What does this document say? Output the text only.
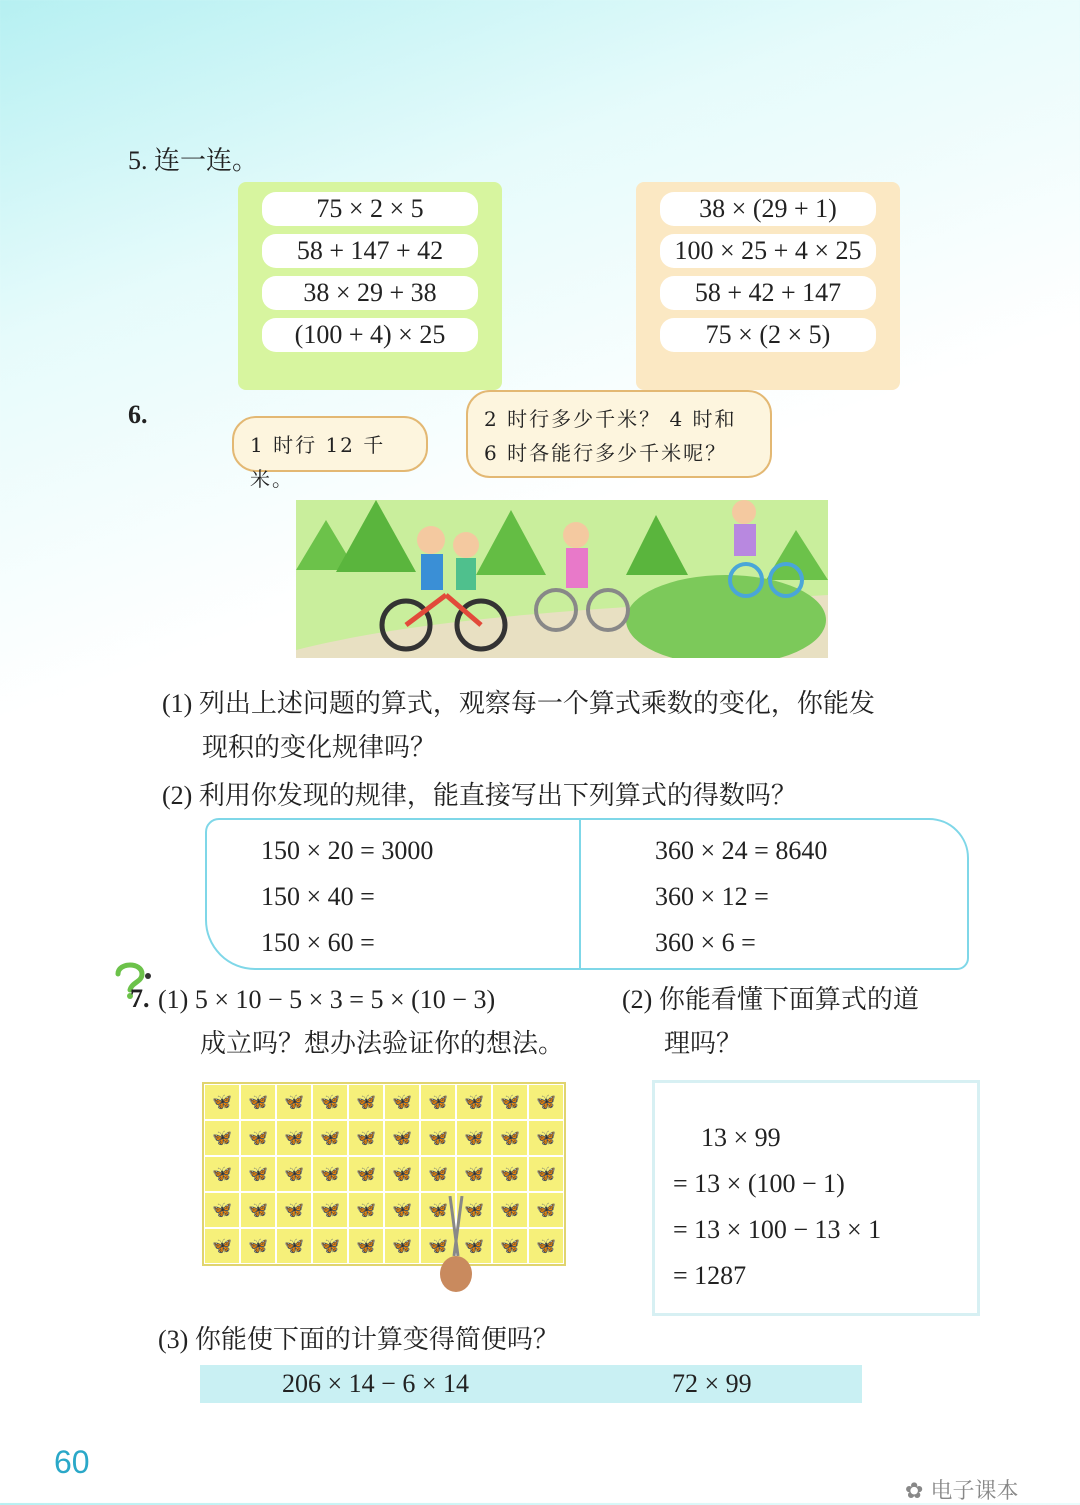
5. 连一连。
75 × 2 × 5
58 + 147 + 42
38 × 29 + 38
(100 + 4) × 25
38 × (29 + 1)
100 × 25 + 4 × 25
58 + 42 + 147
75 × (2 × 5)
6.
1 时行 12 千米。
2 时行多少千米？ 4 时和
6 时各能行多少千米呢？
(1) 列出上述问题的算式，观察每一个算式乘数的变化，你能发
现积的变化规律吗？
(2) 利用你发现的规律，能直接写出下列算式的得数吗？
150 × 20 = 3000
150 × 40 =
150 × 60 =
360 × 24 = 8640
360 × 12 =
360 × 6 =
7. (1) 5 × 10 − 5 × 3 = 5 × (10 − 3)
成立吗？想办法验证你的想法。
(2) 你能看懂下面算式的道
理吗？
🦋	🦋	🦋	🦋	🦋	🦋	🦋	🦋	🦋	🦋
🦋	🦋	🦋	🦋	🦋	🦋	🦋	🦋	🦋	🦋
🦋	🦋	🦋	🦋	🦋	🦋	🦋	🦋	🦋	🦋
🦋	🦋	🦋	🦋	🦋	🦋	🦋	🦋	🦋	🦋
🦋	🦋	🦋	🦋	🦋	🦋	🦋	🦋	🦋	🦋
13 × 99
= 13 × (100 − 1)
= 13 × 100 − 13 × 1
= 1287
(3) 你能使下面的计算变得简便吗？
206 × 14 − 6 × 14	72 × 99
60
✿ 电子课本
